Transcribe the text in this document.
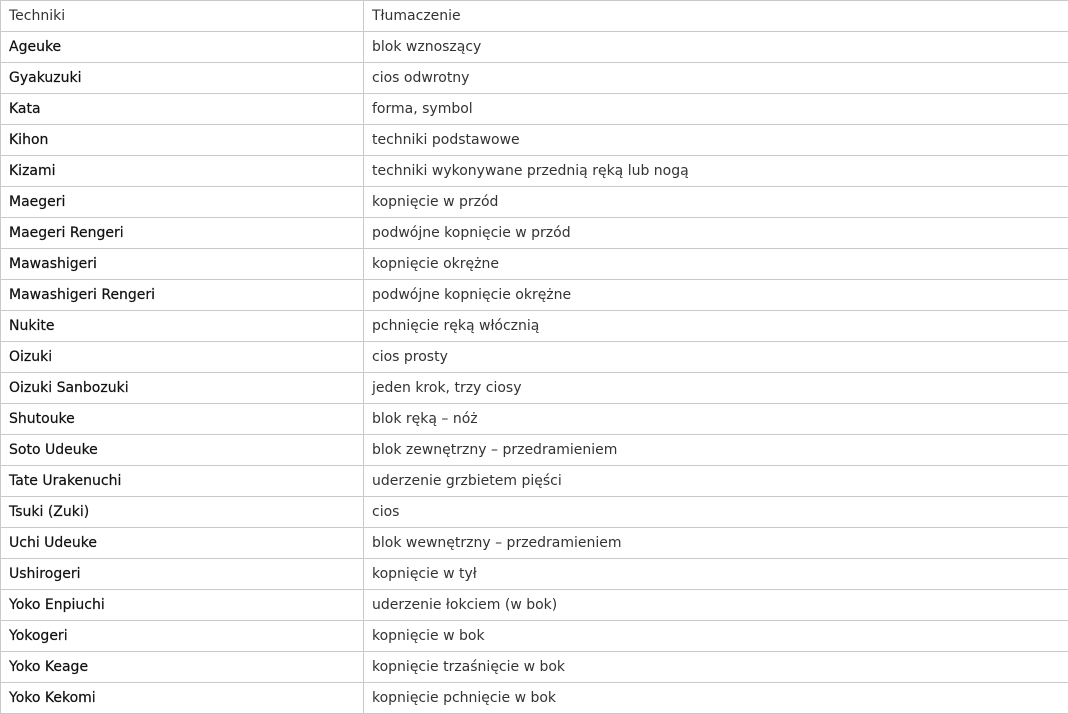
Techniki	Tłumaczenie
Ageuke	blok wznoszący
Gyakuzuki	cios odwrotny
Kata	forma, symbol
Kihon	techniki podstawowe
Kizami	techniki wykonywane przednią ręką lub nogą
Maegeri	kopnięcie w przód
Maegeri Rengeri	podwójne kopnięcie w przód
Mawashigeri	kopnięcie okrężne
Mawashigeri Rengeri	podwójne kopnięcie okrężne
Nukite	pchnięcie ręką włócznią
Oizuki	cios prosty
Oizuki Sanbozuki	jeden krok, trzy ciosy
Shutouke	blok ręką – nóż
Soto Udeuke	blok zewnętrzny – przedramieniem
Tate Urakenuchi	uderzenie grzbietem pięści
Tsuki (Zuki)	cios
Uchi Udeuke	blok wewnętrzny – przedramieniem
Ushirogeri	kopnięcie w tył
Yoko Enpiuchi	uderzenie łokciem (w bok)
Yokogeri	kopnięcie w bok
Yoko Keage	kopnięcie trzaśnięcie w bok
Yoko Kekomi	kopnięcie pchnięcie w bok
